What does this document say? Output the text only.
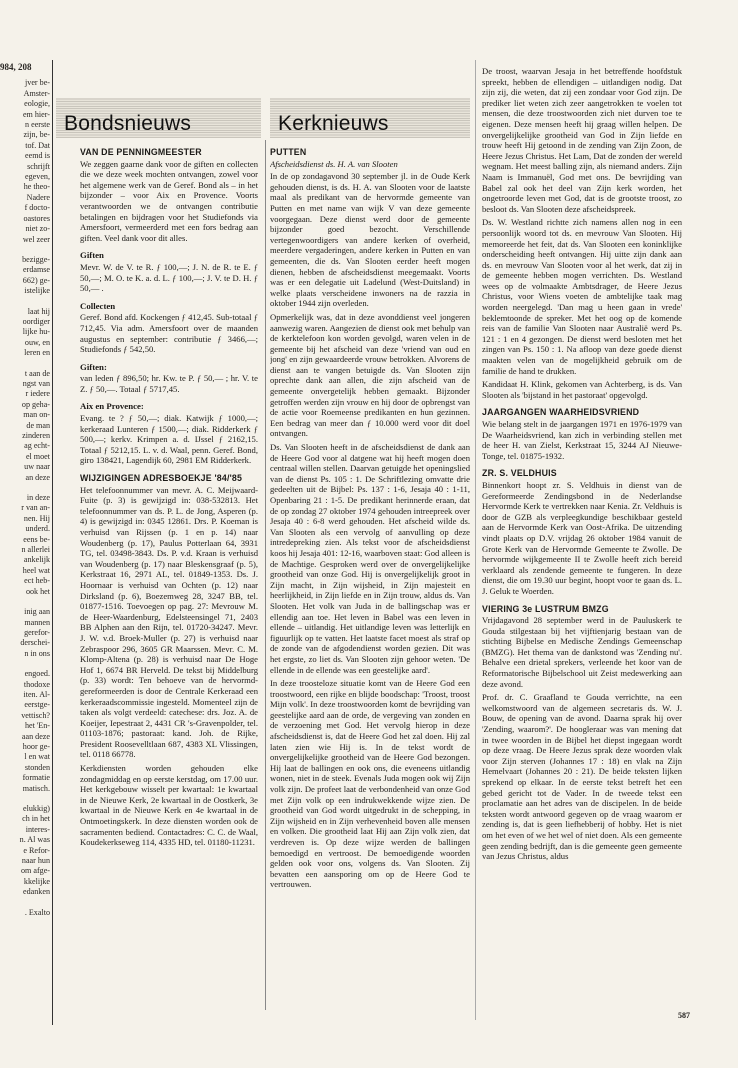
984, 208
jver be-
Amster-
eologie,
em hier-
n eerste
zijn, be-
tof. Dat
eemd is
schrijft
egeven,
he theo-
Nadere
f docto-
oastores
niet zo-
wel zeer
bezigge-
erdamse
662) ge-
istelijke
laat hij
oordiger
lijke hu-
ouw, en
leren en
t aan de
ngst van
r iedere
op geha-
man on-
de man
zinderen
ag echt-
el moet
uw naar
an deze
in deze
r van an-
nen. Hij
underd.
eens be-
n allerlei
ankelijk
heel wat
ect heb-
ook het
inig aan
mannen
gerefor-
derschei-
n in ons
engoed.
thodoxe
iten. Al-
eerstge-
vettisch?
het 'En-
aan deze
hoor ge-
l en wat
stonden
formatie
matisch.
elukkig)
ch in het
interes-
n. Al was
e Refor-
naar hun
om afge-
kkelijke
edanken
. Exalto
Bondsnieuws	Kerknieuws
VAN DE PENNINGMEESTER

We zeggen gaarne dank voor de giften en collecten die we deze week mochten ontvangen, zowel voor het algemene werk van de Geref. Bond als – in het bijzonder – voor Aix en Provence. Voorts verantwoorden we de ontvangen contributie betalingen en bijdragen voor het Studiefonds via Amersfoort, vermeerderd met een fors bedrag aan giften. Veel dank voor dit alles.

Giften

Mevr. W. de V. te R. ƒ 100,—; J. N. de R. te E. ƒ 50,—; M. O. te K. a. d. L. ƒ 100,—; J. V. te D. H. ƒ 50,— .

Collecten

Geref. Bond afd. Kockengen ƒ 412,45. Sub-totaal ƒ 712,45. Via adm. Amersfoort over de maanden augustus en september: contributie ƒ 3466,—; Studiefonds ƒ 542,50.

Giften:

van leden ƒ 896,50; hr. Kw. te P. ƒ 50,— ; hr. V. te Z. ƒ 50,—. Totaal ƒ 5717,45.

Aix en Provence:

Evang. te ? ƒ 50,—; diak. Katwijk ƒ 1000,—; kerkeraad Lunteren ƒ 1500,—; diak. Ridderkerk ƒ 500,—; kerkv. Krimpen a. d. IJssel ƒ 2162,15. Totaal ƒ 5212,15. L. v. d. Waal, penn. Geref. Bond, giro 138421, Lagendijk 60, 2981 EM Ridderkerk.

WIJZIGINGEN ADRESBOEKJE '84/'85

Het telefoonnummer van mevr. A. C. Meijwaard-Fuite (p. 3) is gewijzigd in: 038-532813. Het telefoonnummer van ds. P. L. de Jong, Asperen (p. 4) is gewijzigd in: 0345 12861. Drs. P. Koeman is verhuisd van Rijssen (p. 1 en p. 14) naar Woudenberg (p. 17), Paulus Potterlaan 64, 3931 TG, tel. 03498-3843. Ds. P. v.d. Kraan is verhuisd van Woudenberg (p. 17) naar Bleskensgraaf (p. 5), Kerkstraat 16, 2971 AL, tel. 01849-1353. Ds. J. Hoornaar is verhuisd van Ochten (p. 12) naar Dirksland (p. 6), Boezemweg 28, 3247 BB, tel. 01877-1516. Toevoegen op pag. 27: Mevrouw M. de Heer-Waardenburg, Edelsteensingel 71, 2403 BB Alphen aan den Rijn, tel. 01720-34247. Mevr. J. W. v.d. Broek-Muller (p. 27) is verhuisd naar Zebraspoor 296, 3605 GR Maarssen. Mevr. C. M. Klomp-Altena (p. 28) is verhuisd naar De Hoge Hof 1, 6674 BR Herveld. De tekst bij Middelburg (p. 33) wordt: Ten behoeve van de hervormd-gereformeerden is door de Centrale Kerkeraad een kerkeraadscommissie ingesteld. Momenteel zijn de taken als volgt verdeeld: catechese: drs. Joz. A. de Koeijer, Iepestraat 2, 4431 CR 's-Gravenpolder, tel. 01103-1876; pastoraat: kand. Joh. de Rijke, President Roosevelltlaan 687, 4383 XL Vlissingen, tel. 0118 66778.

Kerkdiensten worden gehouden elke zondagmiddag en op eerste kerstdag, om 17.00 uur. Het kerkgebouw wisselt per kwartaal: 1e kwartaal in de Nieuwe Kerk, 2e kwartaal in de Oostkerk, 3e kwartaal in de Nieuwe Kerk en 4e kwartaal in de Ontmoetingskerk. In deze diensten worden ook de sacramenten bediend. Contactadres: C. C. de Waal, Koudekerkseweg 114, 4335 HD, tel. 01180-11231.

PUTTEN

Afscheidsdienst ds. H. A. van Slooten

In de op zondagavond 30 september jl. in de Oude Kerk gehouden dienst, is ds. H. A. van Slooten voor de laatste maal als predikant van de hervormde gemeente van Putten en met name van wijk V van deze gemeente voorgegaan. Deze dienst werd door de gemeente bijzonder goed bezocht. Verschillende vertegenwoordigers van andere kerken of overheid, meerdere vergaderingen, andere kerken in Putten en van gemeenten, die ds. Van Slooten eerder heeft mogen dienen, hebben de afscheidsdienst meegemaakt. Voorts was er een delegatie uit Ladelund (West-Duitsland) in welke plaats verscheidene inwoners na de razzia in oktober 1944 zijn overleden.

Opmerkelijk was, dat in deze avonddienst veel jongeren aanwezig waren. Aangezien de dienst ook met behulp van de kerktelefoon kon worden gevolgd, waren velen in de gemeente bij het afscheid van deze 'vriend van oud en jong' en zijn gewaardeerde vrouw betrokken. Alvorens de dienst aan te vangen betuigde ds. Van Slooten zijn oprechte dank aan allen, die zijn afscheid van de gemeente onvergetelijk hebben gemaakt. Bijzonder getroffen werden zijn vrouw en hij door de opbrengst van de actie voor Roemeense predikanten en hun gezinnen. Een bedrag van meer dan ƒ 10.000 werd voor dit doel ontvangen.

Ds. Van Slooten heeft in de afscheidsdienst de dank aan de Heere God voor al datgene wat hij heeft mogen doen centraal willen stellen. Daarvan getuigde het openingslied van de dienst Ps. 105 : 1. De Schriftlezing omvatte drie gedeelten uit de Bijbel: Ps. 137 : 1-6, Jesaja 40 : 1-11, Openbaring 21 : 1-5. De predikant herinnerde eraan, dat de op zondag 27 oktober 1974 gehouden intreepreek over Jesaja 40 : 6-8 werd gehouden. Het afscheid wilde ds. Van Slooten als een vervolg of aanvulling op deze intredepreking zien. Als tekst voor de afscheidsdienst koos hij Jesaja 401: 12-16, waarboven staat: God alleen is de Machtige. Gesproken werd over de onvergelijkelijke grootheid van onze God. Hij is onvergelijkelijk groot in Zijn macht, in Zijn wijsheid, in Zijn majesteit en heerlijkheid, in Zijn liefde en in Zijn trouw, aldus ds. Van Slooten. Het volk van Juda in de ballingschap was er ellendig aan toe. Het leven in Babel was een leven in ellende – uitlandig. Het uitlandige leven was letterlijk en figuurlijk op te vatten. Het laatste facet moest als straf op de zonde van de afgodendienst worden gezien. Dit was het ergste, zo liet ds. Van Slooten zijn gehoor weten. 'De ellende in de ellende was een geestelijke aard'.

In deze troosteloze situatie komt van de Heere God een troostwoord, een rijke en blijde boodschap: 'Troost, troost Mijn volk'. In deze troostwoorden komt de bevrijding van geestelijke aard aan de orde, de vergeving van zonden en de verzoening met God. Het vervolg hierop in deze afscheidsdienst is, dat de Heere God het zal doen. Hij zal laten zien wie Hij is. In de tekst wordt de onvergelijkelijke grootheid van de Heere God bezongen. Hij laat de ballingen en ook ons, die eveneens uitlandig wonen, niet in de steek. Evenals Juda mogen ook wij Zijn volk zijn. De profeet laat de verbondenheid van onze God met Zijn volk op een indrukwekkende wijze zien. De grootheid van God wordt uitgedrukt in de schepping, in Zijn wijsheid en in Zijn verhevenheid boven alle mensen en volken. Die grootheid laat Hij aan Zijn volk zien, dat verdreven is. Op deze wijze werden de ballingen bemoedigd en vertroost. De bemoedigende woorden gelden ook voor ons, volgens ds. Van Slooten. Zij bevatten een aansporing om op de Heere God te vertrouwen.

De troost, waarvan Jesaja in het betreffende hoofdstuk spreekt, hebben de ellendigen – uitlandigen nodig. Dat zijn zij, die weten, dat zij een zondaar voor God zijn. De prediker liet weten zich zeer aangetrokken te voelen tot mensen, die deze troostwoorden zich niet durven toe te eigenen. Deze mensen heeft hij graag willen helpen. De onvergelijkelijke grootheid van God in Zijn liefde en trouw heeft Hij getoond in de zending van Zijn Zoon, de Heere Jezus Christus. Het Lam, Dat de zonden der wereld wegnam. Het meest balling zijn, als niemand anders. Zijn Naam is Immanuël, God met ons. De bevrijding van Babel zal ook het deel van Zijn kerk worden, het ongetroorde leven met God, dat is de grootste troost, zo besloot ds. Van Slooten deze afscheidspreek.

Ds. W. Westland richtte zich namens allen nog in een persoonlijk woord tot ds. en mevrouw Van Slooten. Hij memoreerde het feit, dat ds. Van Slooten een koninklijke onderscheiding heeft ontvangen. Hij uitte zijn dank aan ds. en mevrouw Van Slooten voor al het werk, dat zij in de gemeente hebben mogen verrichten. Ds. Westland wees op de volmaakte Ambtsdrager, de Heere Jezus Christus, voor Wiens voeten de ambtelijke taak mag worden neergelegd. 'Dan mag u heen gaan in vrede' beklemtoonde de spreker. Met het oog op de komende reis van de familie Van Slooten naar Australië werd Ps. 121 : 1 en 4 gezongen. De dienst werd besloten met het zingen van Ps. 150 : 1. Na afloop van deze goede dienst maakten velen van de mogelijkheid gebruik om de familie de hand te drukken.

Kandidaat H. Klink, gekomen van Achterberg, is ds. Van Slooten als 'bijstand in het pastoraat' opgevolgd.

JAARGANGEN WAARHEIDSVRIEND

Wie belang stelt in de jaargangen 1971 en 1976-1979 van De Waarheidsvriend, kan zich in verbinding stellen met de heer H. van Zielst, Kerkstraat 15, 3244 AJ Nieuwe-Tonge, tel. 01875-1932.

ZR. S. VELDHUIS

Binnenkort hoopt zr. S. Veldhuis in dienst van de Gereformeerde Zendingsbond in de Nederlandse Hervormde Kerk te vertrekken naar Kenia. Zr. Veldhuis is door de GZB als verpleegkundige beschikbaar gesteld aan de Hervormde Kerk van Oost-Afrika. De uitzending vindt plaats op D.V. vrijdag 26 oktober 1984 vanuit de Grote Kerk van de Hervormde Gemeente te Zwolle. De hervormde wijkgemeente II te Zwolle heeft zich bereid verklaard als zendende gemeente te fungeren. In deze dienst, die om 19.30 uur begint, hoopt voor te gaan ds. L. J. Geluk te Woerden.

VIERING 3e LUSTRUM BMZG

Vrijdagavond 28 september werd in de Pauluskerk te Gouda stilgestaan bij het vijftienjarig bestaan van de stichting Bijbelse en Medische Zendings Gemeenschap (BMZG). Het thema van de dankstond was 'Zending nu'. Behalve een drietal sprekers, verleende het koor van de Reformatorische Bijbelschool uit Zeist medewerking aan deze avond.

Prof. dr. C. Graafland te Gouda verrichtte, na een welkomstwoord van de algemeen secretaris ds. W. J. Bouw, de opening van de avond. Daarna sprak hij over 'Zending, waarom?'. De hoogleraar was van mening dat in twee woorden in de Bijbel het diepst ingegaan wordt op deze vraag. De Heere Jezus sprak deze woorden vlak voor Zijn sterven (Johannes 17 : 18) en vlak na Zijn Hemelvaart (Johannes 20 : 21). De beide teksten lijken sprekend op elkaar. In de eerste tekst betreft het een gebed gericht tot de Vader. In de tweede tekst een proclamatie aan het adres van de discipelen. In de beide teksten wordt antwoord gegeven op de vraag waarom er zending is, dat is geen liefhebberij of hobby. Het is niet om het even of we het wel of niet doen. Als een gemeente geen zending bedrijft, dan is die gemeente geen gemeente van Jezus Christus, aldus

587
